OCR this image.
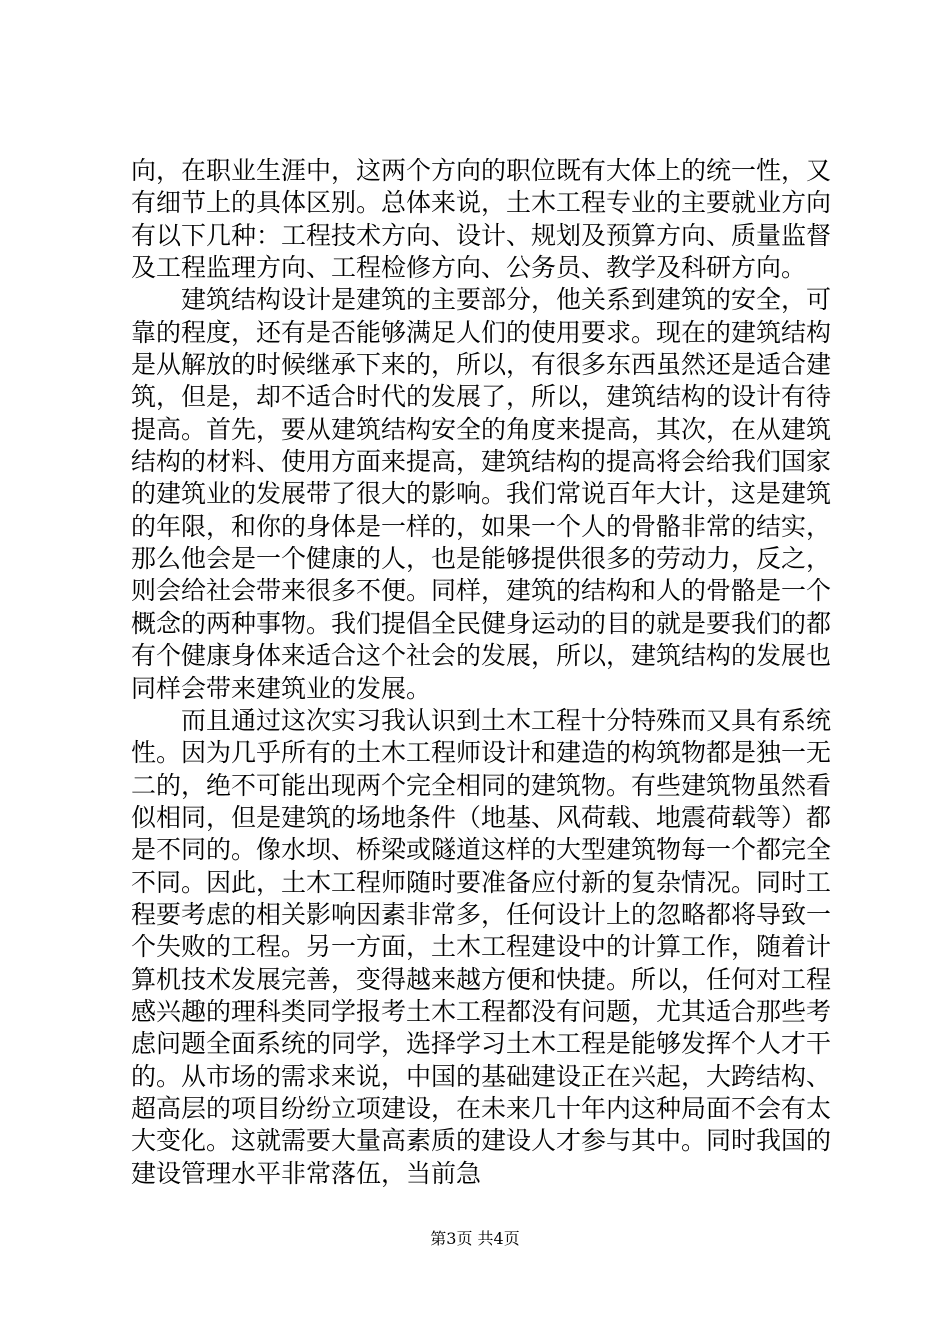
向，在职业生涯中，这两个方向的职位既有大体上的统一性，又有细节上的具体区别。总体来说，土木工程专业的主要就业方向有以下几种：工程技术方向、设计、规划及预算方向、质量监督及工程监理方向、工程检修方向、公务员、教学及科研方向。

建筑结构设计是建筑的主要部分，他关系到建筑的安全，可靠的程度，还有是否能够满足人们的使用要求。现在的建筑结构是从解放的时候继承下来的，所以，有很多东西虽然还是适合建筑，但是，却不适合时代的发展了，所以，建筑结构的设计有待提高。首先，要从建筑结构安全的角度来提高，其次，在从建筑结构的材料、使用方面来提高，建筑结构的提高将会给我们国家的建筑业的发展带了很大的影响。我们常说百年大计，这是建筑的年限，和你的身体是一样的，如果一个人的骨骼非常的结实，那么他会是一个健康的人，也是能够提供很多的劳动力，反之，则会给社会带来很多不便。同样，建筑的结构和人的骨骼是一个概念的两种事物。我们提倡全民健身运动的目的就是要我们的都有个健康身体来适合这个社会的发展，所以，建筑结构的发展也同样会带来建筑业的发展。

而且通过这次实习我认识到土木工程十分特殊而又具有系统性。因为几乎所有的土木工程师设计和建造的构筑物都是独一无二的，绝不可能出现两个完全相同的建筑物。有些建筑物虽然看似相同，但是建筑的场地条件（地基、风荷载、地震荷载等）都是不同的。像水坝、桥梁或隧道这样的大型建筑物每一个都完全不同。因此，土木工程师随时要准备应付新的复杂情况。同时工程要考虑的相关影响因素非常多，任何设计上的忽略都将导致一个失败的工程。另一方面，土木工程建设中的计算工作，随着计算机技术发展完善，变得越来越方便和快捷。所以，任何对工程感兴趣的理科类同学报考土木工程都没有问题，尤其适合那些考虑问题全面系统的同学，选择学习土木工程是能够发挥个人才干的。从市场的需求来说，中国的基础建设正在兴起，大跨结构、超高层的项目纷纷立项建设，在未来几十年内这种局面不会有太大变化。这就需要大量高素质的建设人才参与其中。同时我国的建设管理水平非常落伍，当前急

第3页 共4页
